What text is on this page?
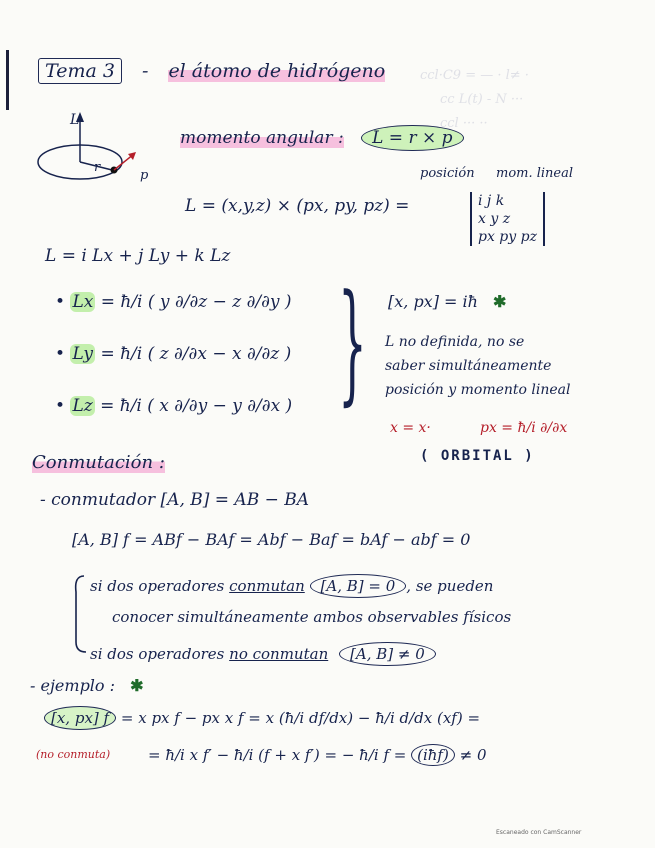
ccl·C9 = — · l≠ ·
cc L(t) - N ···
ccl ··· ··
Tema 3 - el átomo de hidrógeno
L
r
p
momento angular : L = r × p
posición mom. lineal
L = (x,y,z) × (px, py, pz) =	i j k
x y z
px py pz
L = i Lx + j Ly + k Lz
• Lx = ħ/i ( y ∂/∂z − z ∂/∂y )
• Ly = ħ/i ( z ∂/∂x − x ∂/∂z )
• Lz = ħ/i ( x ∂/∂y − y ∂/∂x ) } [x, px] = iħ ✱
L no definida, no se
saber simultáneamente
posición y momento lineal
x = x·	px = ħ/i ∂/∂x
( ORBITAL )
Conmutación :
- conmutador [A, B] = AB − BA
[A, B] f = ABf − BAf = Abf − Baf = bAf − abf = 0
si dos operadores conmutan [A, B] = 0 , se pueden
conocer simultáneamente ambos observables físicos
si dos operadores no conmutan [A, B] ≠ 0
- ejemplo : ✱
[x, px] f = x px f − px x f = x (ħ/i df/dx) − ħ/i d/dx (xf) =
(no conmuta)	= ħ/i x f′ − ħ/i (f + x f′) = − ħ/i f = (iħf) ≠ 0
Escaneado con CamScanner
